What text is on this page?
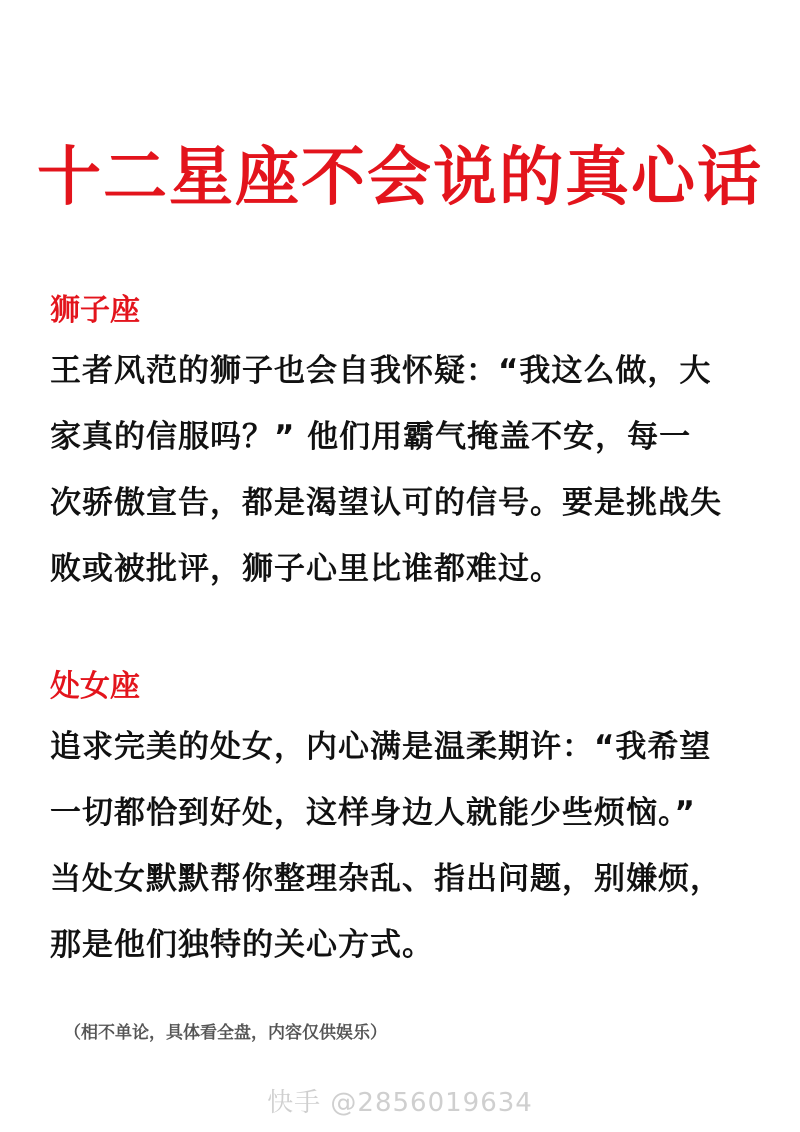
十二星座不会说的真心话
狮子座
王者风范的狮子也会自我怀疑：“我这么做，大
家真的信服吗？” 他们用霸气掩盖不安，每一
次骄傲宣告，都是渴望认可的信号。要是挑战失
败或被批评，狮子心里比谁都难过。
处女座
追求完美的处女，内心满是温柔期许：“我希望
一切都恰到好处，这样身边人就能少些烦恼。”
当处女默默帮你整理杂乱、指出问题，别嫌烦，
那是他们独特的关心方式。
（相不单论，具体看全盘，内容仅供娱乐）
快手 @2856019634
